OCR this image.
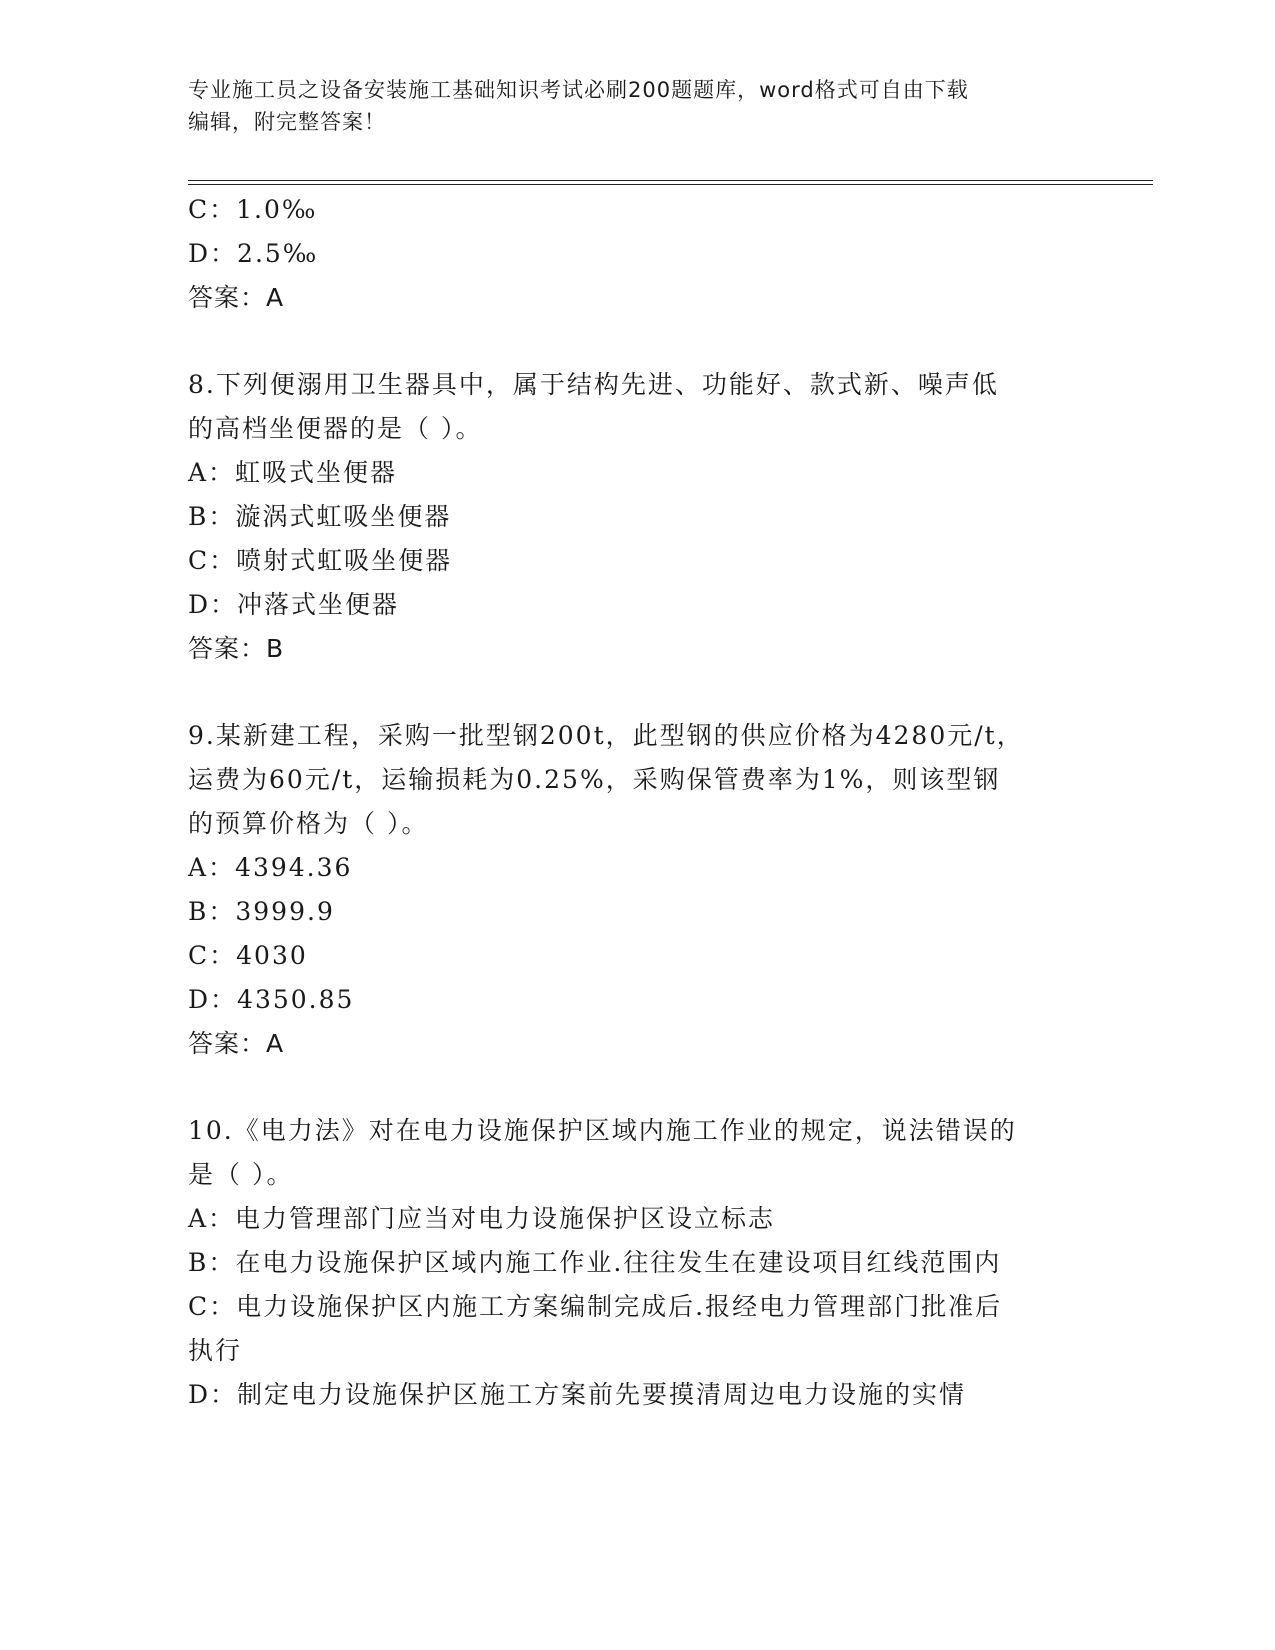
专业施工员之设备安装施工基础知识考试必刷200题题库，word格式可自由下载
编辑，附完整答案！
C：1.0‰
D：2.5‰
答案：A
8.下列便溺用卫生器具中，属于结构先进、功能好、款式新、噪声低
的高档坐便器的是（ ）。
A：虹吸式坐便器
B：漩涡式虹吸坐便器
C：喷射式虹吸坐便器
D：冲落式坐便器
答案：B
9.某新建工程，采购一批型钢200t，此型钢的供应价格为4280元/t，
运费为60元/t，运输损耗为0.25%，采购保管费率为1%，则该型钢
的预算价格为（ ）。
A：4394.36
B：3999.9
C：4030
D：4350.85
答案：A
10.《电力法》对在电力设施保护区域内施工作业的规定，说法错误的
是（ ）。
A：电力管理部门应当对电力设施保护区设立标志
B：在电力设施保护区域内施工作业.往往发生在建设项目红线范围内
C：电力设施保护区内施工方案编制完成后.报经电力管理部门批准后
执行
D：制定电力设施保护区施工方案前先要摸清周边电力设施的实情
